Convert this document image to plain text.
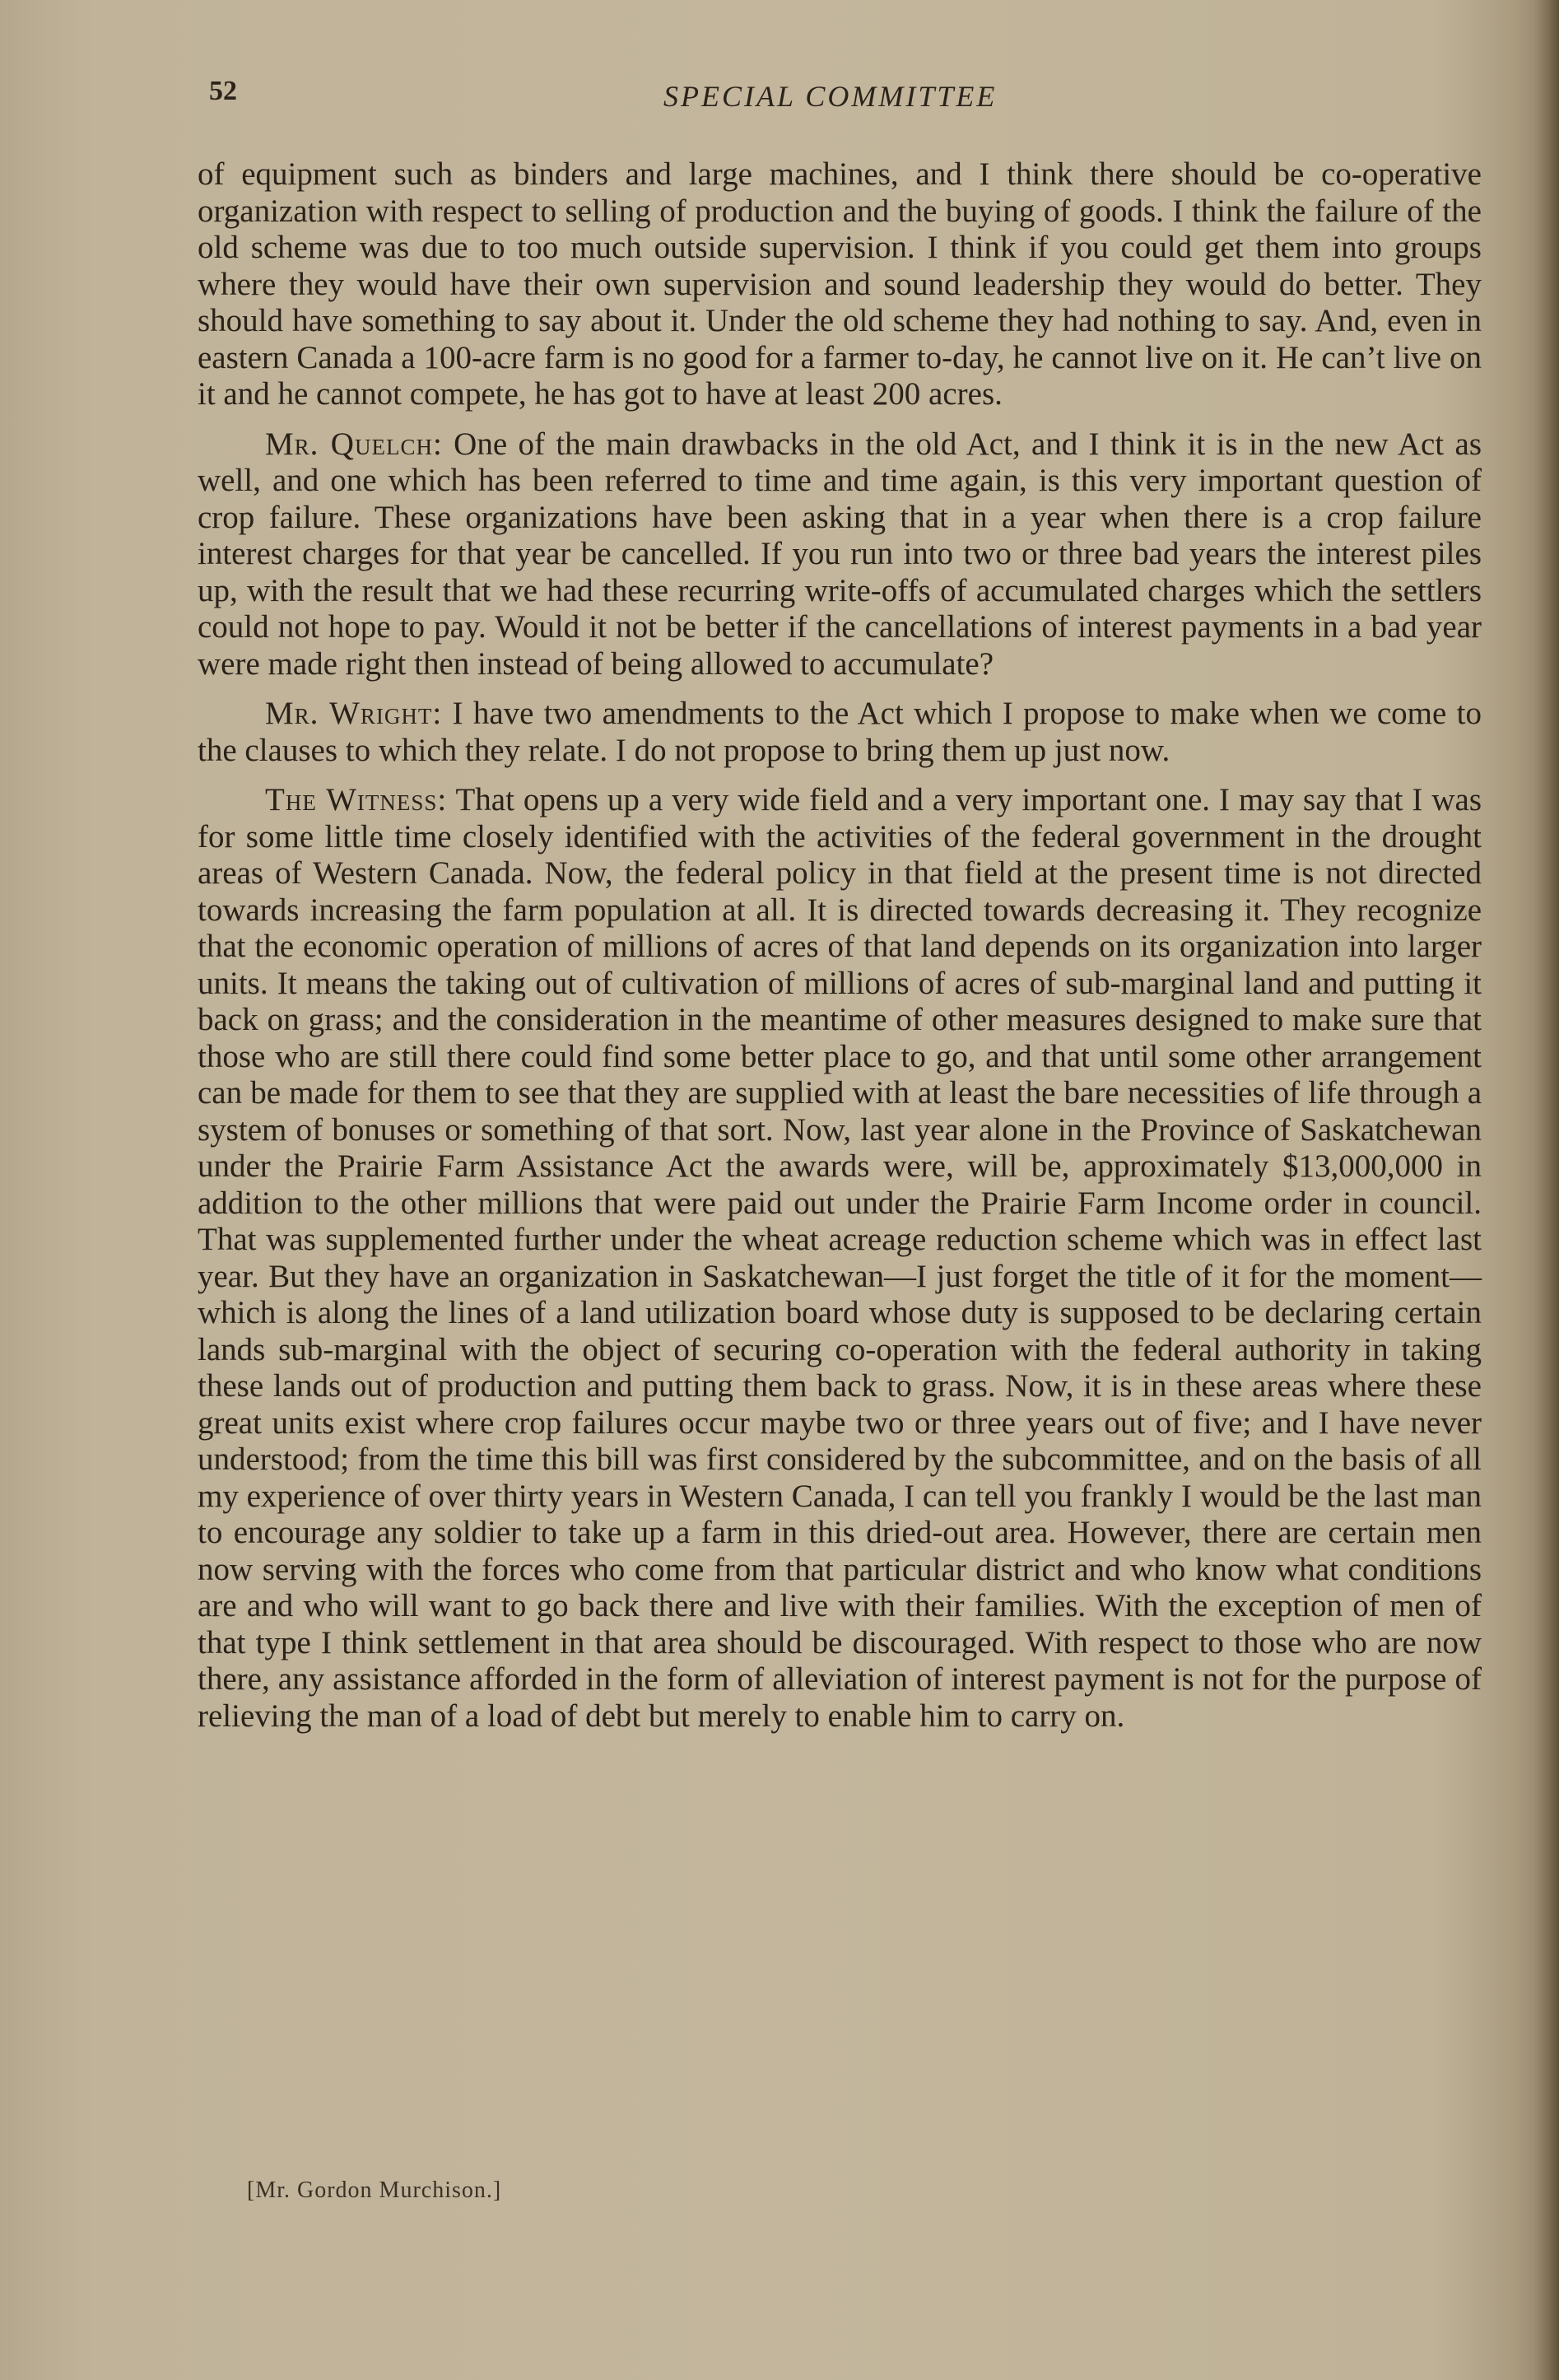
52	SPECIAL COMMITTEE

of equipment such as binders and large machines, and I think there should be co-operative organization with respect to selling of production and the buying of goods. I think the failure of the old scheme was due to too much outside supervision. I think if you could get them into groups where they would have their own supervision and sound leadership they would do better. They should have something to say about it. Under the old scheme they had nothing to say. And, even in eastern Canada a 100-acre farm is no good for a farmer to-day, he cannot live on it. He can’t live on it and he cannot compete, he has got to have at least 200 acres.

Mr. Quelch: One of the main drawbacks in the old Act, and I think it is in the new Act as well, and one which has been referred to time and time again, is this very important question of crop failure. These organizations have been asking that in a year when there is a crop failure interest charges for that year be cancelled. If you run into two or three bad years the interest piles up, with the result that we had these recurring write-offs of accumulated charges which the settlers could not hope to pay. Would it not be better if the cancellations of interest payments in a bad year were made right then instead of being allowed to accumulate?

Mr. Wright: I have two amendments to the Act which I propose to make when we come to the clauses to which they relate. I do not propose to bring them up just now.

The Witness: That opens up a very wide field and a very important one. I may say that I was for some little time closely identified with the activities of the federal government in the drought areas of Western Canada. Now, the federal policy in that field at the present time is not directed towards increasing the farm population at all. It is directed towards decreasing it. They recognize that the economic operation of millions of acres of that land depends on its organization into larger units. It means the taking out of cultivation of millions of acres of sub-marginal land and putting it back on grass; and the consideration in the meantime of other measures designed to make sure that those who are still there could find some better place to go, and that until some other arrangement can be made for them to see that they are supplied with at least the bare necessities of life through a system of bonuses or something of that sort. Now, last year alone in the Province of Saskatchewan under the Prairie Farm Assistance Act the awards were, will be, approximately $13,000,000 in addition to the other millions that were paid out under the Prairie Farm Income order in council. That was supplemented further under the wheat acreage reduction scheme which was in effect last year. But they have an organization in Saskatchewan—I just forget the title of it for the moment—which is along the lines of a land utilization board whose duty is supposed to be declaring certain lands sub-marginal with the object of securing co-operation with the federal authority in taking these lands out of production and putting them back to grass. Now, it is in these areas where these great units exist where crop failures occur maybe two or three years out of five; and I have never understood; from the time this bill was first considered by the subcommittee, and on the basis of all my experience of over thirty years in Western Canada, I can tell you frankly I would be the last man to encourage any soldier to take up a farm in this dried-out area. However, there are certain men now serving with the forces who come from that particular district and who know what conditions are and who will want to go back there and live with their families. With the exception of men of that type I think settlement in that area should be discouraged. With respect to those who are now there, any assistance afforded in the form of alleviation of interest payment is not for the purpose of relieving the man of a load of debt but merely to enable him to carry on.

[Mr. Gordon Murchison.]
